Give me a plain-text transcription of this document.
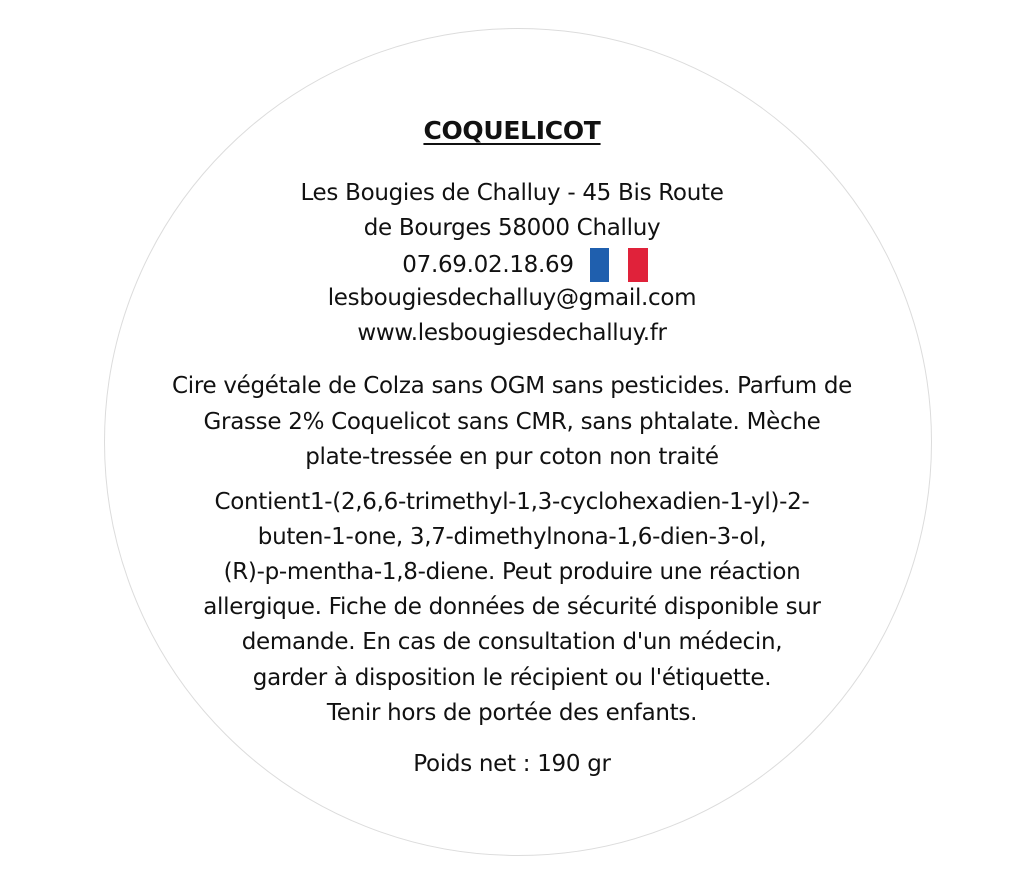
COQUELICOT
Les Bougies de Challuy - 45 Bis Route
de Bourges 58000 Challuy
07.69.02.18.69
lesbougiesdechalluy@gmail.com
www.lesbougiesdechalluy.fr
Cire végétale de Colza sans OGM sans pesticides. Parfum de
Grasse 2% Coquelicot sans CMR, sans phtalate. Mèche
plate-tressée en pur coton non traité
Contient1-(2,6,6-trimethyl-1,3-cyclohexadien-1-yl)-2-
buten-1-one, 3,7-dimethylnona-1,6-dien-3-ol,
(R)-p-mentha-1,8-diene. Peut produire une réaction
allergique. Fiche de données de sécurité disponible sur
demande. En cas de consultation d'un médecin,
garder à disposition le récipient ou l'étiquette.
Tenir hors de portée des enfants.
Poids net : 190 gr
